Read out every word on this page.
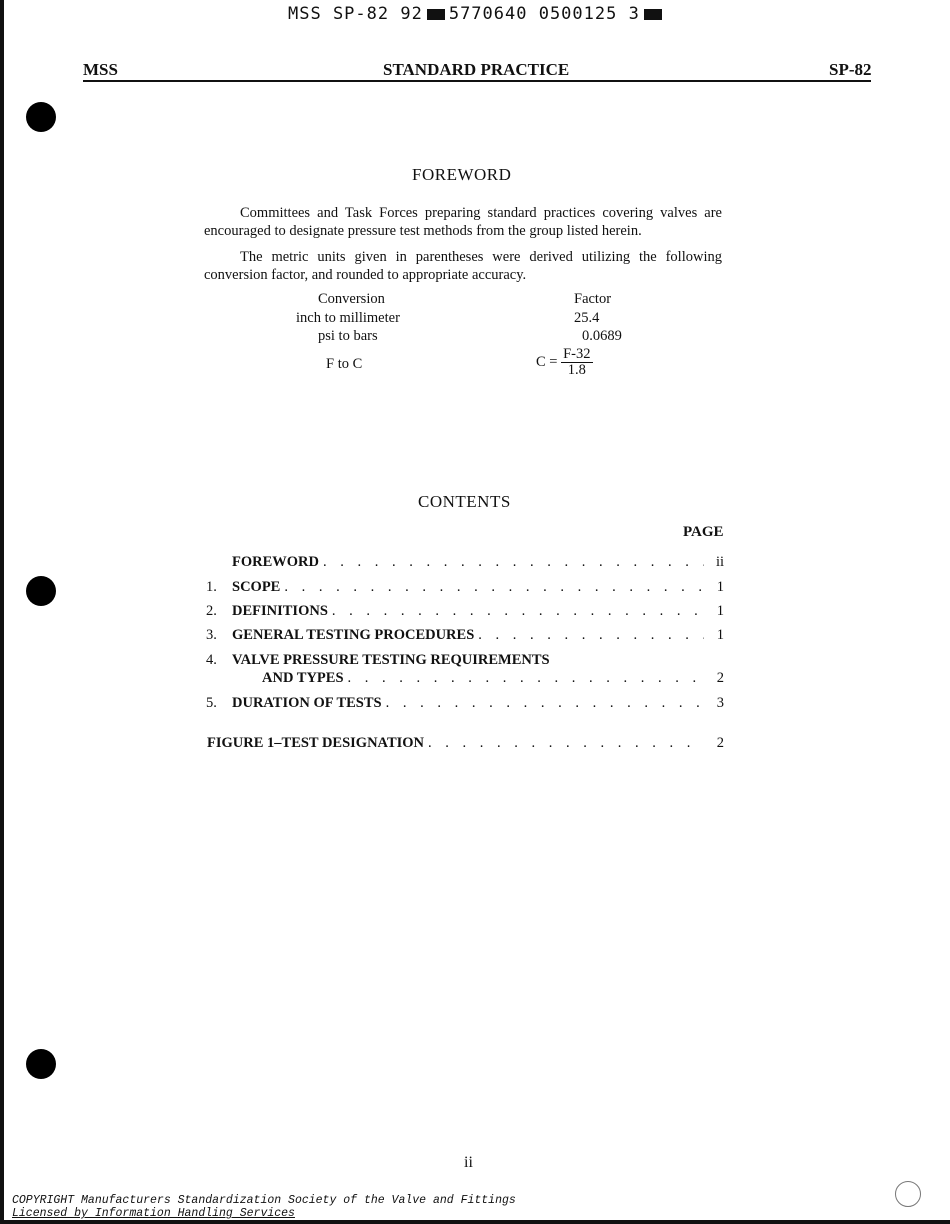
MSS SP-82 92 5770640 0500125 3
MSS	STANDARD PRACTICE	SP-82
FOREWORD

Committees and Task Forces preparing standard practices covering valves are encouraged to designate pressure test methods from the group listed herein.

The metric units given in parentheses were derived utilizing the following conversion factor, and rounded to appropriate accuracy.

Conversion	Factor
inch to millimeter	25.4
psi to bars	0.0689
F to C	$C = \frac{F-32}{1.8}$
CONTENTS
PAGE
FOREWORD . . .	ii
1.	SCOPE . . .	1
2.	DEFINITIONS . . .	1
3.	GENERAL TESTING PROCEDURES . . .	1
4.	VALVE PRESSURE TESTING REQUIREMENTS
AND TYPES . . .	2
5.	DURATION OF TESTS . . .	3
FIGURE 1–TEST DESIGNATION . . .	2
ii
COPYRIGHT Manufacturers Standardization Society of the Valve and Fittings
Licensed by Information Handling Services
